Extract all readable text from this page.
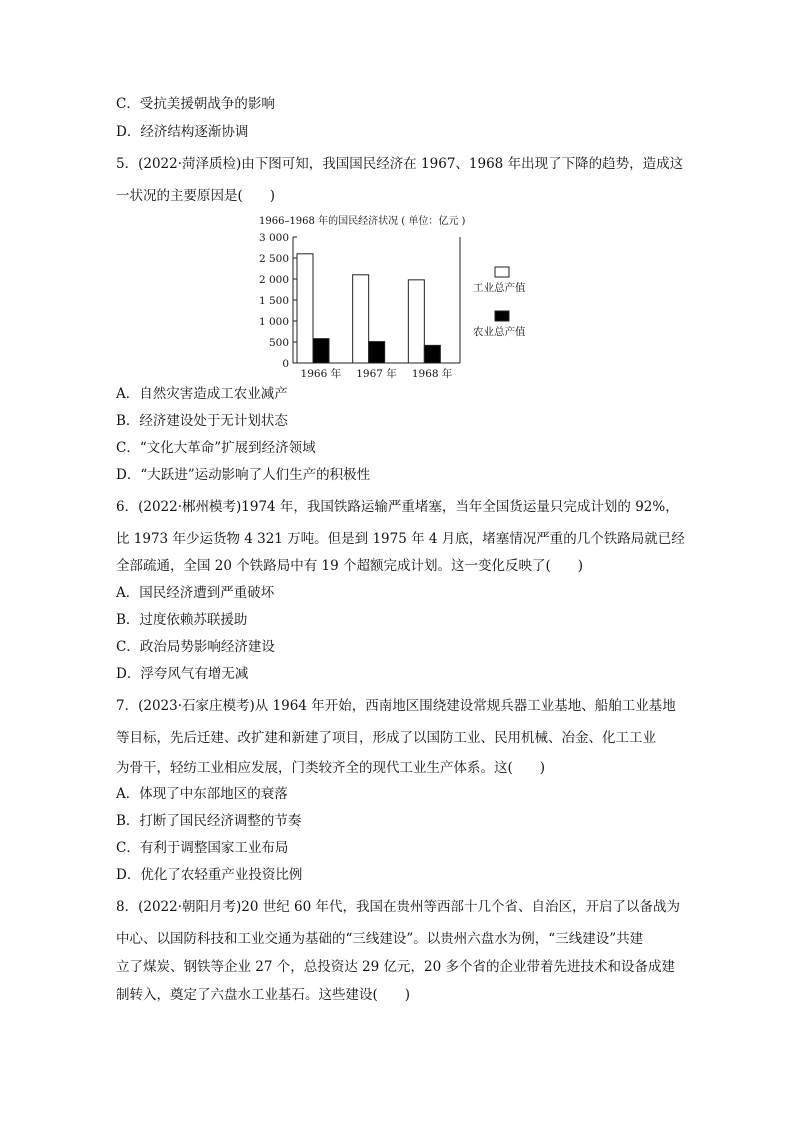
C．受抗美援朝战争的影响
D．经济结构逐渐协调
5．(2022·菏泽质检)由下图可知，我国国民经济在 1967、1968 年出现了下降的趋势，造成这
一状况的主要原因是(　　)
1966–1968 年的国民经济状况 ( 单位：亿元 )
0
500
1 000
1 500
2 000
2 500
3 000
1966 年 1967 年 1968 年
工业总产值
农业总产值
A．自然灾害造成工农业减产
B．经济建设处于无计划状态
C．“文化大革命”扩展到经济领域
D．“大跃进”运动影响了人们生产的积极性
6．(2022·郴州模考)1974 年，我国铁路运输严重堵塞，当年全国货运量只完成计划的 92%，
比 1973 年少运货物 4 321 万吨。但是到 1975 年 4 月底，堵塞情况严重的几个铁路局就已经
全部疏通，全国 20 个铁路局中有 19 个超额完成计划。这一变化反映了(　　)
A．国民经济遭到严重破坏
B．过度依赖苏联援助
C．政治局势影响经济建设
D．浮夸风气有增无减
7．(2023·石家庄模考)从 1964 年开始，西南地区围绕建设常规兵器工业基地、船舶工业基地
等目标，先后迁建、改扩建和新建了项目，形成了以国防工业、民用机械、冶金、化工工业
为骨干，轻纺工业相应发展，门类较齐全的现代工业生产体系。这(　　)
A．体现了中东部地区的衰落
B．打断了国民经济调整的节奏
C．有利于调整国家工业布局
D．优化了农轻重产业投资比例
8．(2022·朝阳月考)20 世纪 60 年代，我国在贵州等西部十几个省、自治区，开启了以备战为
中心、以国防科技和工业交通为基础的“三线建设”。以贵州六盘水为例，“三线建设”共建
立了煤炭、钢铁等企业 27 个，总投资达 29 亿元，20 多个省的企业带着先进技术和设备成建
制转入，奠定了六盘水工业基石。这些建设(　　)
